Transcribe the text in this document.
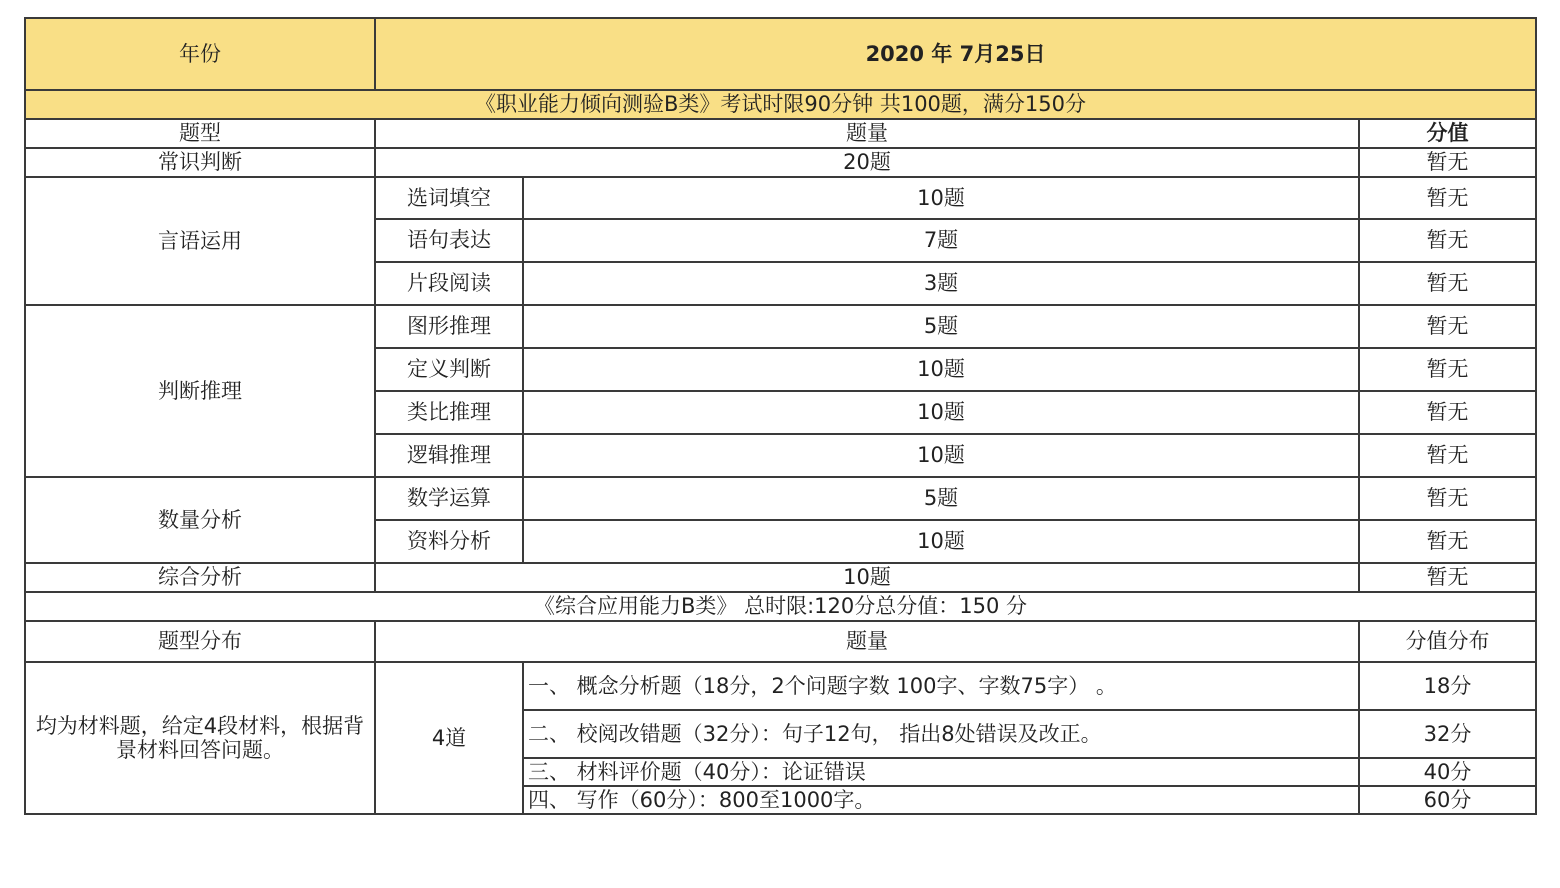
年份	2020 年 7月25日		
《职业能力倾向测验B类》考试时限90分钟 共100题，满分150分			
题型	题量		分值
常识判断	20题		暂无
言语运用	选词填空	10题	暂无
	语句表达	7题	暂无
	片段阅读	3题	暂无
判断推理	图形推理	5题	暂无
	定义判断	10题	暂无
	类比推理	10题	暂无
	逻辑推理	10题	暂无
数量分析	数学运算	5题	暂无
	资料分析	10题	暂无
综合分析	10题		暂无
《综合应用能力B类》 总时限:120分总分值：150 分			
题型分布	题量		分值分布
均为材料题，给定4段材料，根据背景材料回答问题。	4道	一、 概念分析题（18分，2个问题字数 100字、字数75字） 。	18分
		二、 校阅改错题（32分）：句子12句， 指出8处错误及改正。	32分
		三、 材料评价题（40分）：论证错误	40分
		四、 写作（60分）：800至1000字。	60分
